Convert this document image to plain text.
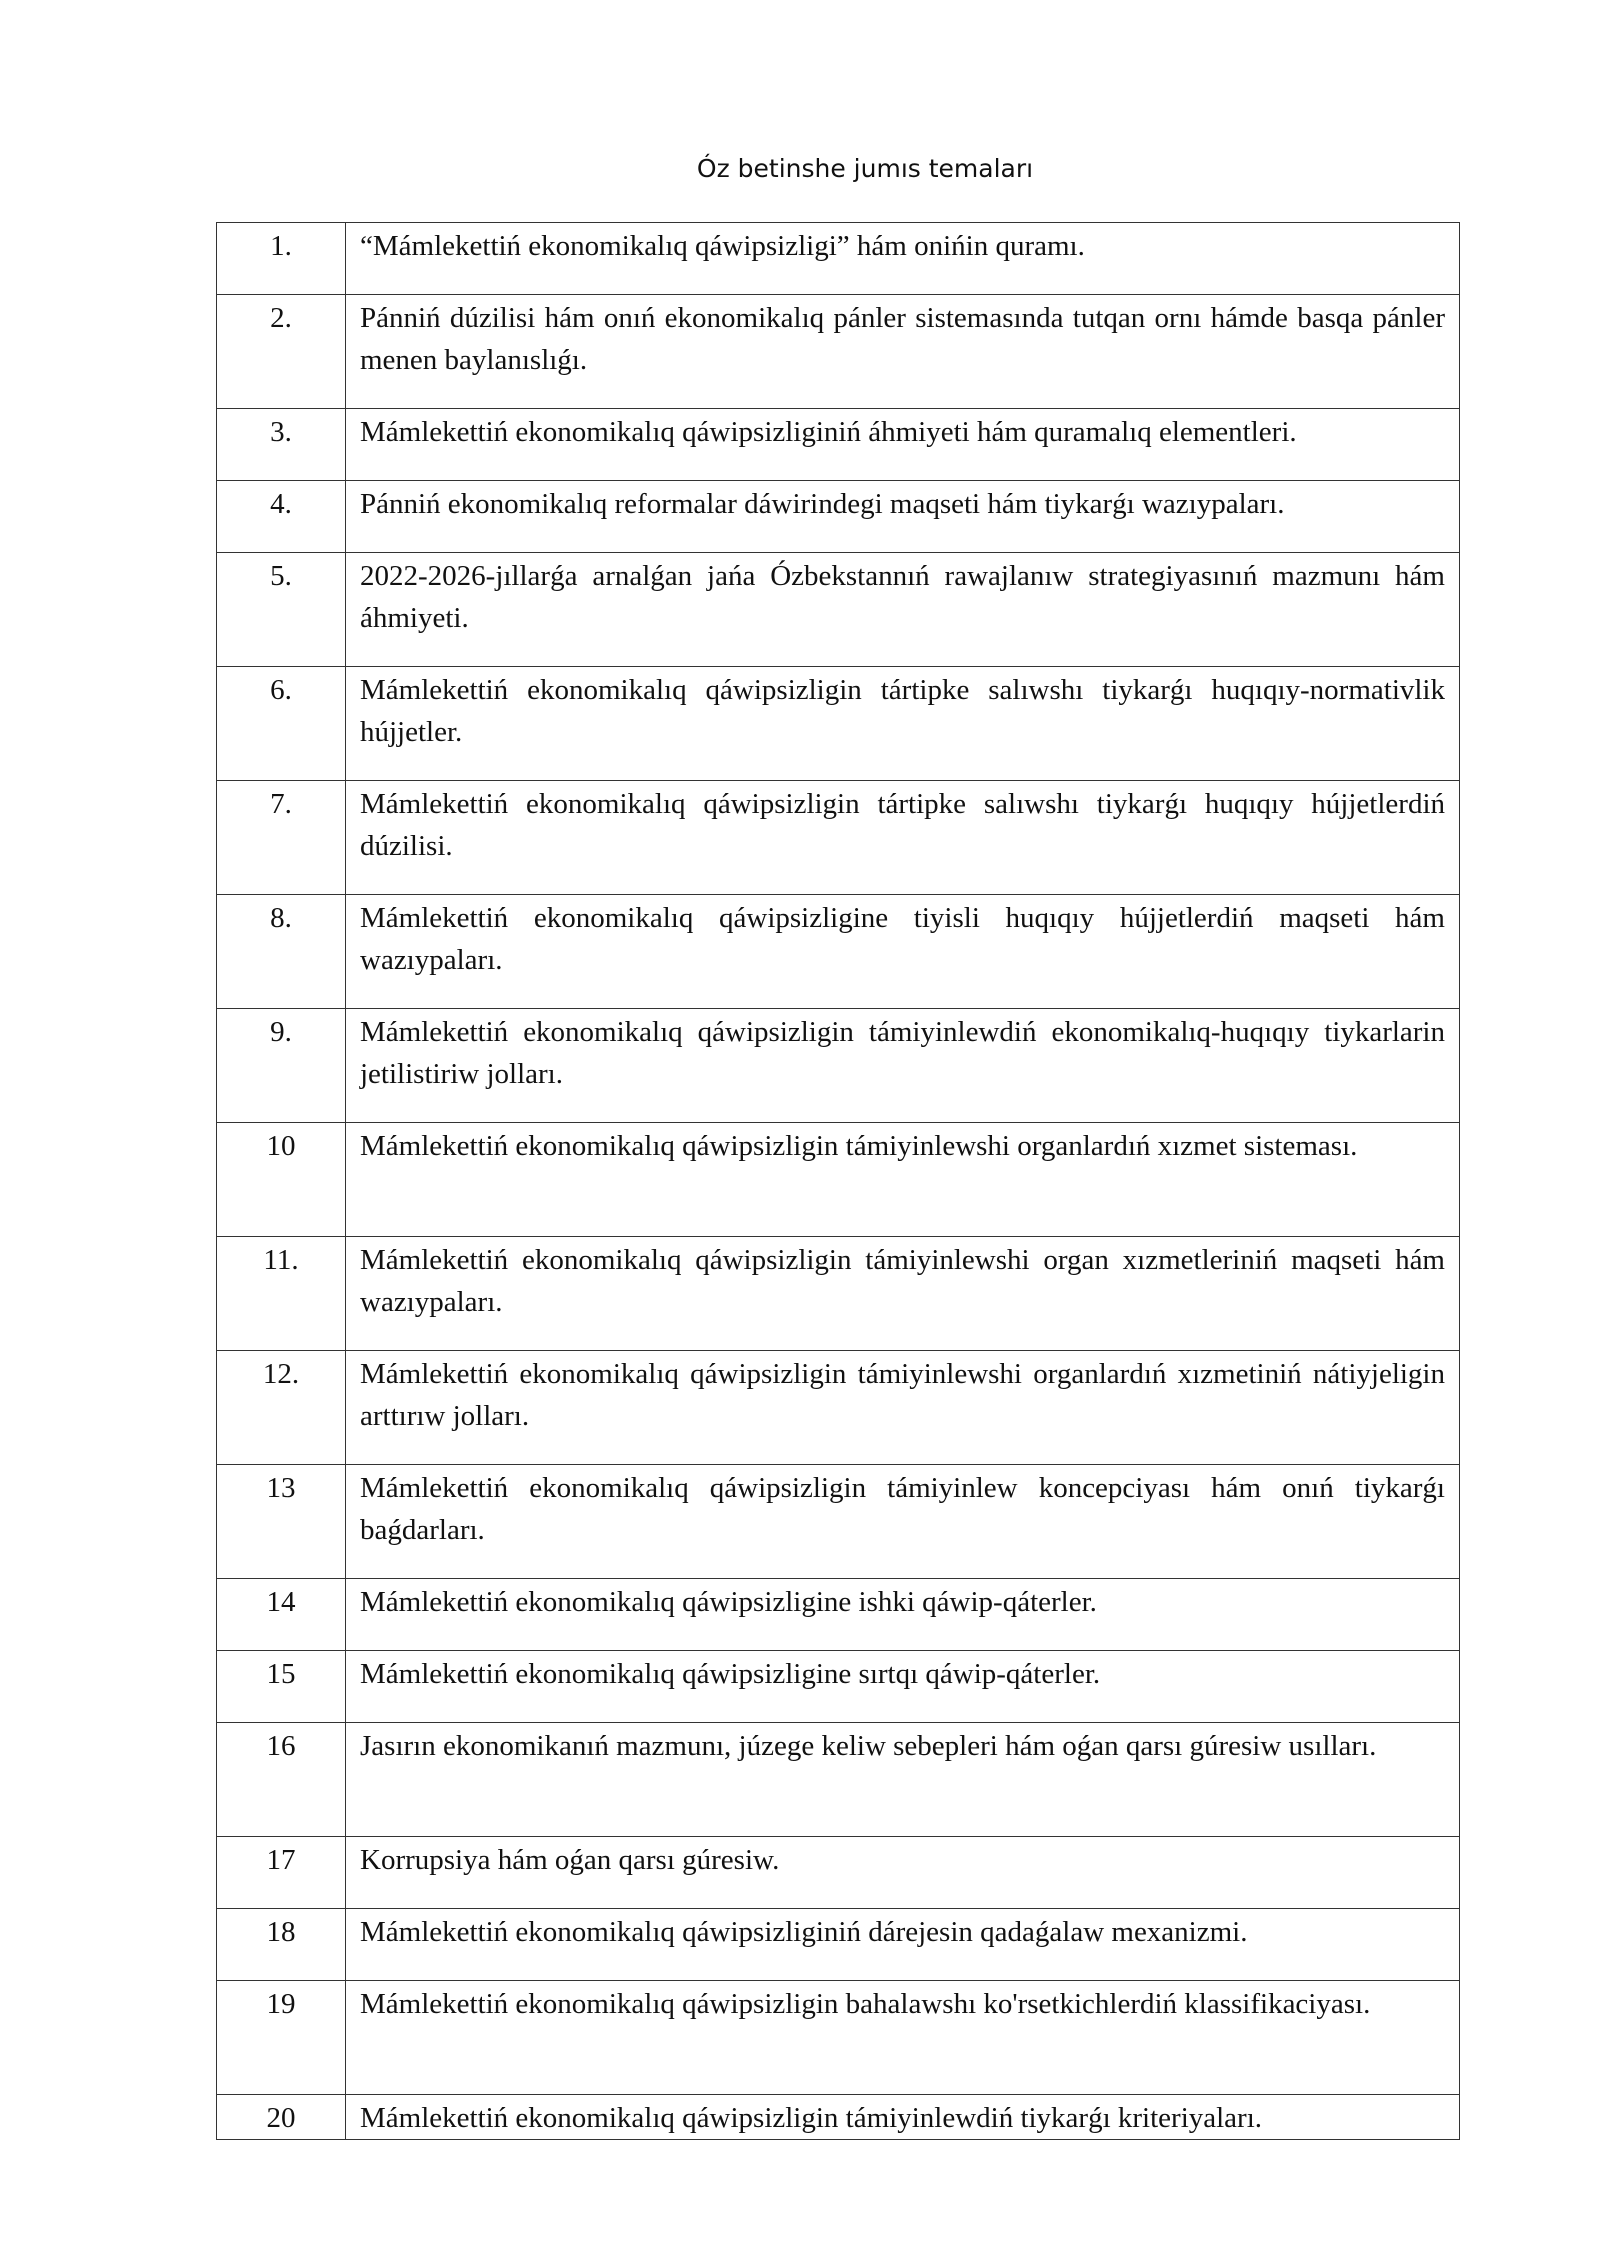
Óz betinshe jumıs temaları
1.	“Mámlekettiń ekonomikalıq qáwipsizligi” hám onińin quramı.
2.	Pánniń dúzilisi hám onıń ekonomikalıq pánler sistemasında tutqan ornı hámde basqa pánler menen baylanıslıǵı.
3.	Mámlekettiń ekonomikalıq qáwipsizliginiń áhmiyeti hám quramalıq elementleri.
4.	Pánniń ekonomikalıq reformalar dáwirindegi maqseti hám tiykarǵı wazıypaları.
5.	2022-2026-jıllarǵa arnalǵan jańa Ózbekstannıń rawajlanıw strategiyasınıń mazmunı hám áhmiyeti.
6.	Mámlekettiń ekonomikalıq qáwipsizligin tártipke salıwshı tiykarǵı huqıqıy-normativlik hújjetler.
7.	Mámlekettiń ekonomikalıq qáwipsizligin tártipke salıwshı tiykarǵı huqıqıy hújjetlerdiń dúzilisi.
8.	Mámlekettiń ekonomikalıq qáwipsizligine tiyisli huqıqıy hújjetlerdiń maqseti hám wazıypaları.
9.	Mámlekettiń ekonomikalıq qáwipsizligin támiyinlewdiń ekonomikalıq-huqıqıy tiykarlarin jetilistiriw jolları.
10	Mámlekettiń ekonomikalıq qáwipsizligin támiyinlewshi organlardıń xızmet sisteması.
11.	Mámlekettiń ekonomikalıq qáwipsizligin támiyinlewshi organ xızmetleriniń maqseti hám wazıypaları.
12.	Mámlekettiń ekonomikalıq qáwipsizligin támiyinlewshi organlardıń xızmetiniń nátiyjeligin arttırıw jolları.
13	Mámlekettiń ekonomikalıq qáwipsizligin támiyinlew koncepciyası hám onıń tiykarǵı baǵdarları.
14	Mámlekettiń ekonomikalıq qáwipsizligine ishki qáwip-qáterler.
15	Mámlekettiń ekonomikalıq qáwipsizligine sırtqı qáwip-qáterler.
16	Jasırın ekonomikanıń mazmunı, júzege keliw sebepleri hám oǵan qarsı gúresiw usılları.
17	Korrupsiya hám oǵan qarsı gúresiw.
18	Mámlekettiń ekonomikalıq qáwipsizliginiń dárejesin qadaǵalaw mexanizmi.
19	Mámlekettiń ekonomikalıq qáwipsizligin bahalawshı ko'rsetkichlerdiń klassifikaciyası.
20	Mámlekettiń ekonomikalıq qáwipsizligin támiyinlewdiń tiykarǵı kriteriyaları.
